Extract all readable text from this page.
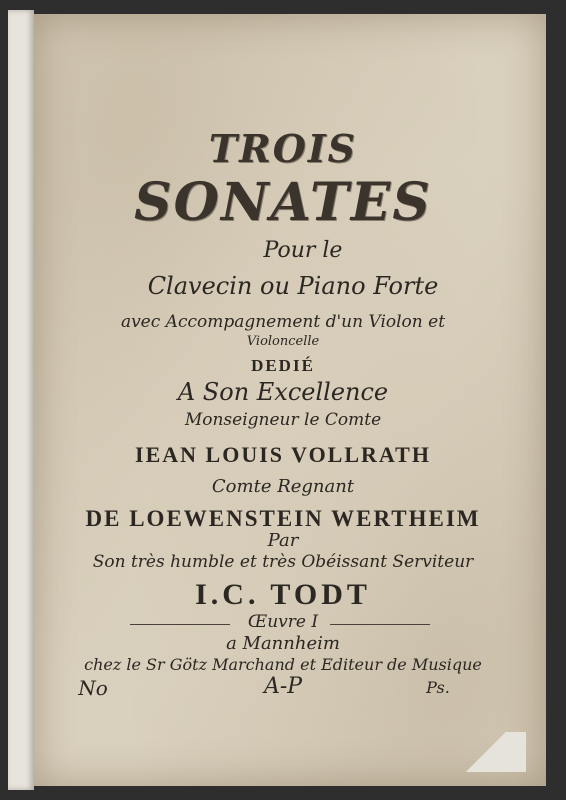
TROIS
SONATES
Pour le
Clavecin ou Piano Forte
avec Accompagnement d'un Violon et
Violoncelle
DEDIÉ
A Son Excellence
Monseigneur le Comte
IEAN LOUIS VOLLRATH
Comte Regnant
DE LOEWENSTEIN WERTHEIM
Par
Son très humble et très Obéissant Serviteur
I.C. TODT
Œuvre I
a Mannheim
chez le Sr Götz Marchand et Editeur de Musique
No	A-P	Ps.
